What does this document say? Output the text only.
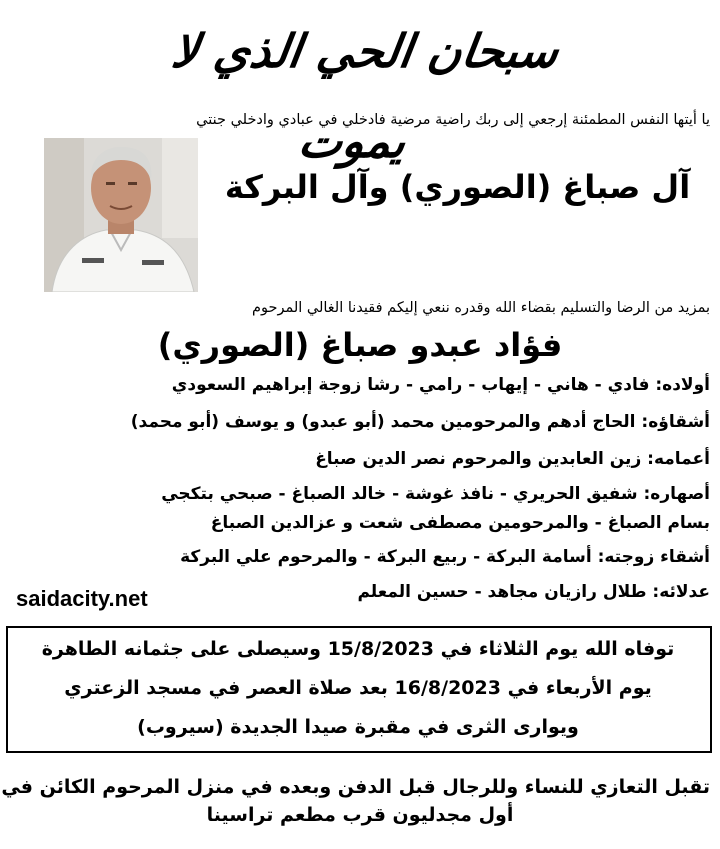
سبحان الحي الذي لا يموت
يا أيتها النفس المطمئنة إرجعي إلى ربك راضية مرضية فادخلي في عبادي وادخلي جنتي
آل صباغ (الصوري) وآل البركة
بمزيد من الرضا والتسليم بقضاء الله وقدره ننعي إليكم فقيدنا الغالي المرحوم
فؤاد عبدو صباغ (الصوري)
أولاده: فادي - هاني - إيهاب - رامي - رشا زوجة إبراهيم السعودي
أشقاؤه: الحاج أدهم والمرحومين محمد (أبو عبدو) و يوسف (أبو محمد)
أعمامه: زين العابدين والمرحوم نصر الدين صباغ
أصهاره: شفيق الحريري - نافذ غوشة - خالد الصباغ - صبحي بتكجي
بسام الصباغ - والمرحومين مصطفى شعت و عزالدين الصباغ
أشقاء زوجته: أسامة البركة - ربيع البركة - والمرحوم علي البركة
عدلائه: طلال رازيان مجاهد - حسين المعلم
saidacity.net
توفاه الله يوم الثلاثاء في 15/8/2023 وسيصلى على جثمانه الطاهرة
يوم الأربعاء في 16/8/2023 بعد صلاة العصر في مسجد الزعتري
ويوارى الثرى في مقبرة صيدا الجديدة (سيروب)
تقبل التعازي للنساء وللرجال قبل الدفن وبعده في منزل المرحوم الكائن في
أول مجدليون قرب مطعم تراسينا
